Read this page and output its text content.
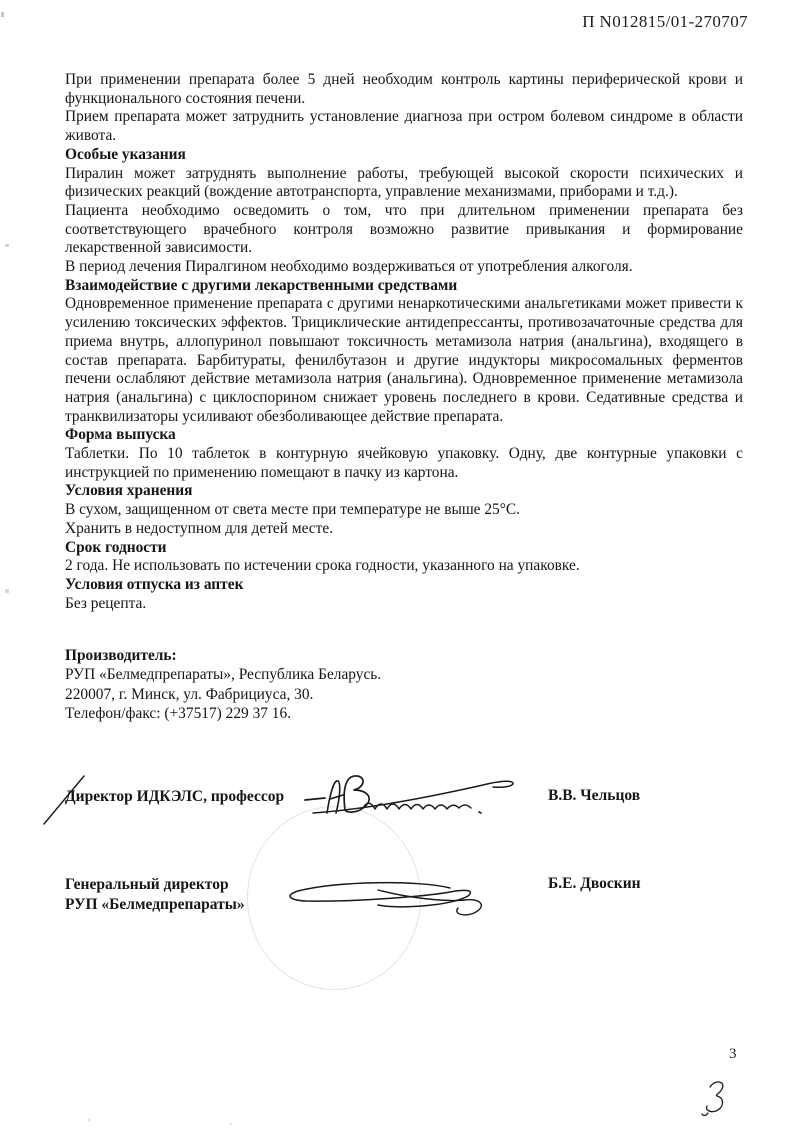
П N012815/01-270707

При применении препарата более 5 дней необходим контроль картины периферической крови и функционального состояния печени.

Прием препарата может затруднить установление диагноза при остром болевом синдроме в области живота.

Особые указания

Пиралин может затруднять выполнение работы, требующей высокой скорости психических и физических реакций (вождение автотранспорта, управление механизмами, приборами и т.д.).

Пациента необходимо осведомить о том, что при длительном применении препарата без соответствующего врачебного контроля возможно развитие привыкания и формирование лекарственной зависимости.

В период лечения Пиралгином необходимо воздерживаться от употребления алкоголя.

Взаимодействие с другими лекарственными средствами

Одновременное применение препарата с другими ненаркотическими анальгетиками может привести к усилению токсических эффектов. Трициклические антидепрессанты, противозачаточные средства для приема внутрь, аллопуринол повышают токсичность метамизола натрия (анальгина), входящего в состав препарата. Барбитураты, фенилбутазон и другие индукторы микросомальных ферментов печени ослабляют действие метамизола натрия (анальгина). Одновременное применение метамизола натрия (анальгина) с циклоспорином снижает уровень последнего в крови. Седативные средства и транквилизаторы усиливают обезболивающее действие препарата.

Форма выпуска

Таблетки. По 10 таблеток в контурную ячейковую упаковку. Одну, две контурные упаковки с инструкцией по применению помещают в пачку из картона.

Условия хранения

В сухом, защищенном от света месте при температуре не выше 25°С.

Хранить в недоступном для детей месте.

Срок годности

2 года. Не использовать по истечении срока годности, указанного на упаковке.

Условия отпуска из аптек

Без рецепта.

Производитель:
РУП «Белмедпрепараты», Республика Беларусь.
220007, г. Минск, ул. Фабрициуса, 30.
Телефон/факс: (+37517) 229 37 16.
Директор ИДКЭЛС, профессор	В.В. Чельцов
Генеральный директор
РУП «Белмедпрепараты»
Б.Е. Двоскин
3
